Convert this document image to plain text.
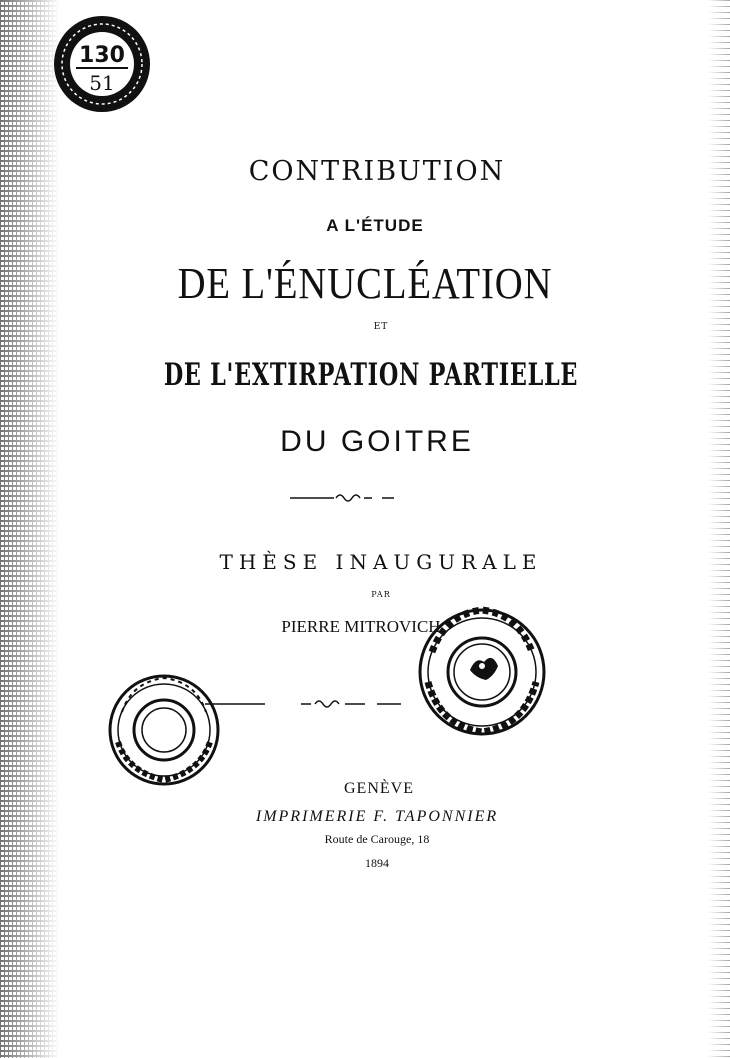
130
51
CONTRIBUTION
A L'ÉTUDE
DE L'ÉNUCLÉATION
ET
DE L'EXTIRPATION PARTIELLE
DU GOITRE
THÈSE INAUGURALE
PAR
PIERRE MITROVICH
GENÈVE
IMPRIMERIE F. TAPONNIER
Route de Carouge, 18
1894
